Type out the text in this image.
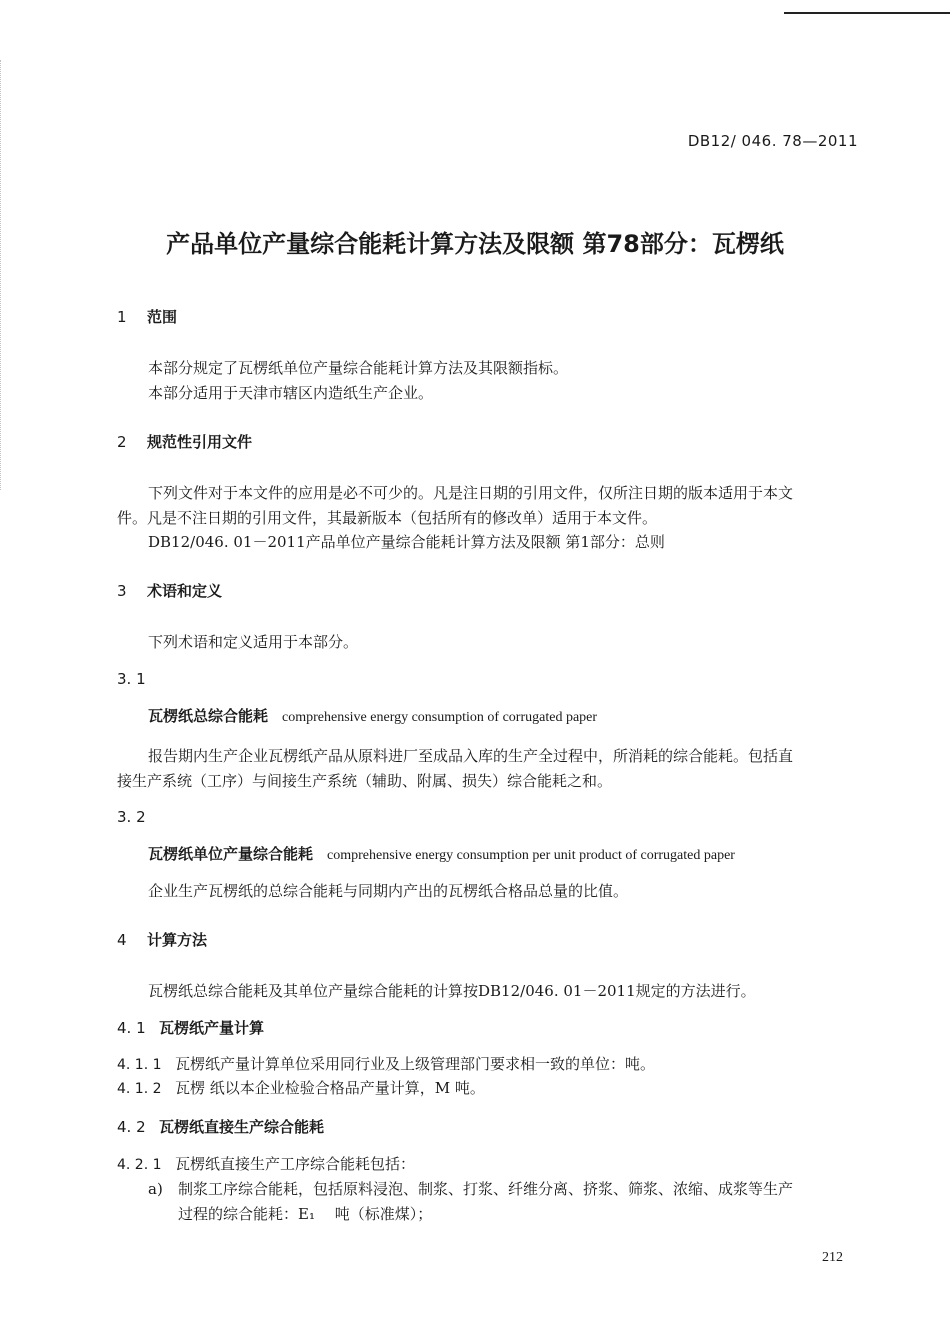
DB12/ 046. 78—2011
产品单位产量综合能耗计算方法及限额 第78部分：瓦楞纸
1 范围
本部分规定了瓦楞纸单位产量综合能耗计算方法及其限额指标。
本部分适用于天津市辖区内造纸生产企业。
2 规范性引用文件
下列文件对于本文件的应用是必不可少的。凡是注日期的引用文件，仅所注日期的版本适用于本文
件。凡是不注日期的引用文件，其最新版本（包括所有的修改单）适用于本文件。
DB12/046. 01－2011产品单位产量综合能耗计算方法及限额 第1部分：总则
3 术语和定义
下列术语和定义适用于本部分。
3. 1
瓦楞纸总综合能耗 comprehensive energy consumption of corrugated paper
报告期内生产企业瓦楞纸产品从原料进厂至成品入库的生产全过程中，所消耗的综合能耗。包括直
接生产系统（工序）与间接生产系统（辅助、附属、损失）综合能耗之和。
3. 2
瓦楞纸单位产量综合能耗 comprehensive energy consumption per unit product of corrugated paper
企业生产瓦楞纸的总综合能耗与同期内产出的瓦楞纸合格品总量的比值。
4 计算方法
瓦楞纸总综合能耗及其单位产量综合能耗的计算按DB12/046. 01－2011规定的方法进行。
4. 1 瓦楞纸产量计算
4. 1. 1 瓦楞纸产量计算单位采用同行业及上级管理部门要求相一致的单位：吨。
4. 1. 2 瓦楞 纸以本企业检验合格品产量计算，M 吨。
4. 2 瓦楞纸直接生产综合能耗
4. 2. 1 瓦楞纸直接生产工序综合能耗包括：
a) 制浆工序综合能耗，包括原料浸泡、制浆、打浆、纤维分离、挤浆、筛浆、浓缩、成浆等生产
过程的综合能耗：E₁　 吨（标准煤）；
212
